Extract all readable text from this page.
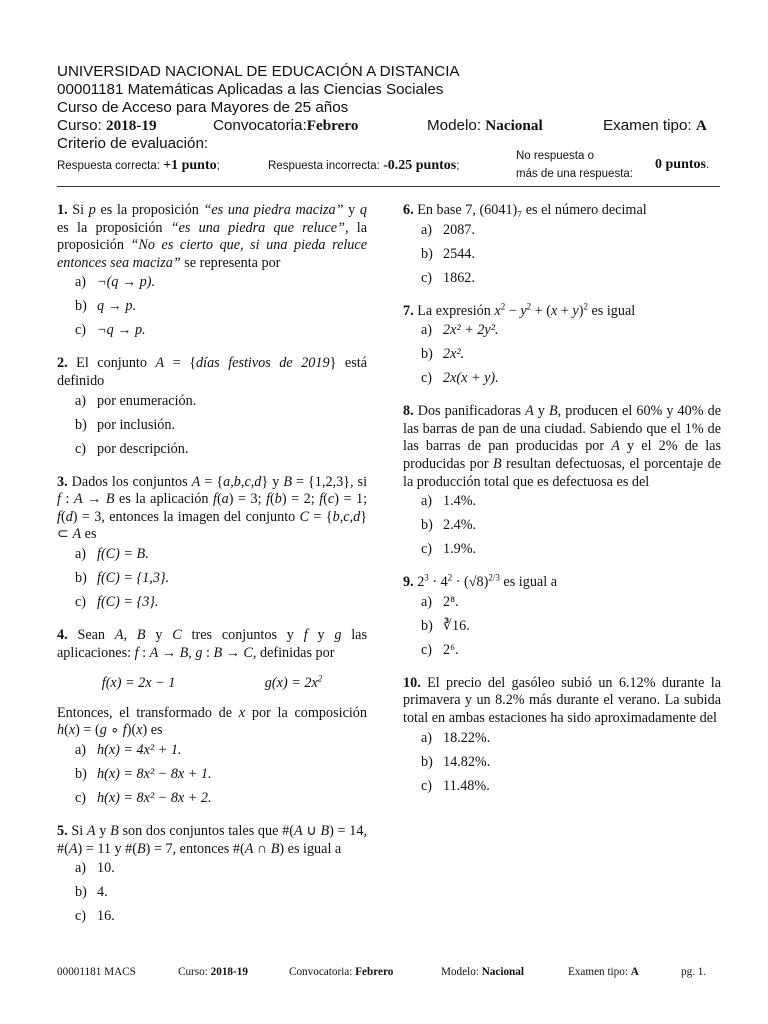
UNIVERSIDAD NACIONAL DE EDUCACIÓN A DISTANCIA
00001181 Matemáticas Aplicadas a las Ciencias Sociales
Curso de Acceso para Mayores de 25 años
Curso: 2018-19	Convocatoria:Febrero	Modelo: Nacional	Examen tipo: A
Criterio de evaluación:
Respuesta correcta: +1 punto;	Respuesta incorrecta: -0.25 puntos;
No respuesta o
más de una respuesta:
0 puntos.
1. Si p es la proposición “es una piedra maciza” y q es la proposición “es una piedra que reluce”, la proposición “No es cierto que, si una pieda reluce entonces sea maciza” se representa por
a) ¬(q → p).
b) q → p.
c) ¬q → p.
2. El conjunto A = {días festivos de 2019} está definido
a) por enumeración.
b) por inclusión.
c) por descripción.
3. Dados los conjuntos A = {a,b,c,d} y B = {1,2,3}, si f : A → B es la aplicación f(a) = 3; f(b) = 2; f(c) = 1; f(d) = 3, entonces la imagen del conjunto C = {b,c,d} ⊂ A es
a) f(C) = B.
b) f(C) = {1,3}.
c) f(C) = {3}.
4. Sean A, B y C tres conjuntos y f y g las aplicaciones: f : A → B, g : B → C, definidas por
f(x) = 2x − 1	$g(x) = 2x^2$
Entonces, el transformado de x por la composición h(x) = (g ∘ f)(x) es
a) h(x) = 4x² + 1.
b) h(x) = 8x² − 8x + 1.
c) h(x) = 8x² − 8x + 2.
5. Si A y B son dos conjuntos tales que #(A ∪ B) = 14, #(A) = 11 y #(B) = 7, entonces #(A ∩ B) es igual a
a) 10.
b) 4.
c) 16.
6. En base 7, (6041)₇ es el número decimal
a) 2087.
b) 2544.
c) 1862.
7. La expresión $x^2 - y^2 + (x + y)^2$ es igual
a) 2x² + 2y².
b) 2x².
c) 2x(x + y).
8. Dos panificadoras A y B, producen el 60% y 40% de las barras de pan de una ciudad. Sabiendo que el 1% de las barras de pan producidas por A y el 2% de las producidas por B resultan defectuosas, el porcentaje de la producción total que es defectuosa es del
a) 1.4%.
b) 2.4%.
c) 1.9%.
9. $2^3 \cdot 4^2 \cdot (√8)^{2/3}$ es igual a
a) 2⁸.
b) ∛16.
c) 2⁶.
10. El precio del gasóleo subió un 6.12% durante la primavera y un 8.2% más durante el verano. La subida total en ambas estaciones ha sido aproximadamente del
a) 18.22%.
b) 14.82%.
c) 11.48%.
00001181 MACS	Curso: 2018-19	Convocatoria: Febrero	Modelo: Nacional	Examen tipo: A	pg. 1.
